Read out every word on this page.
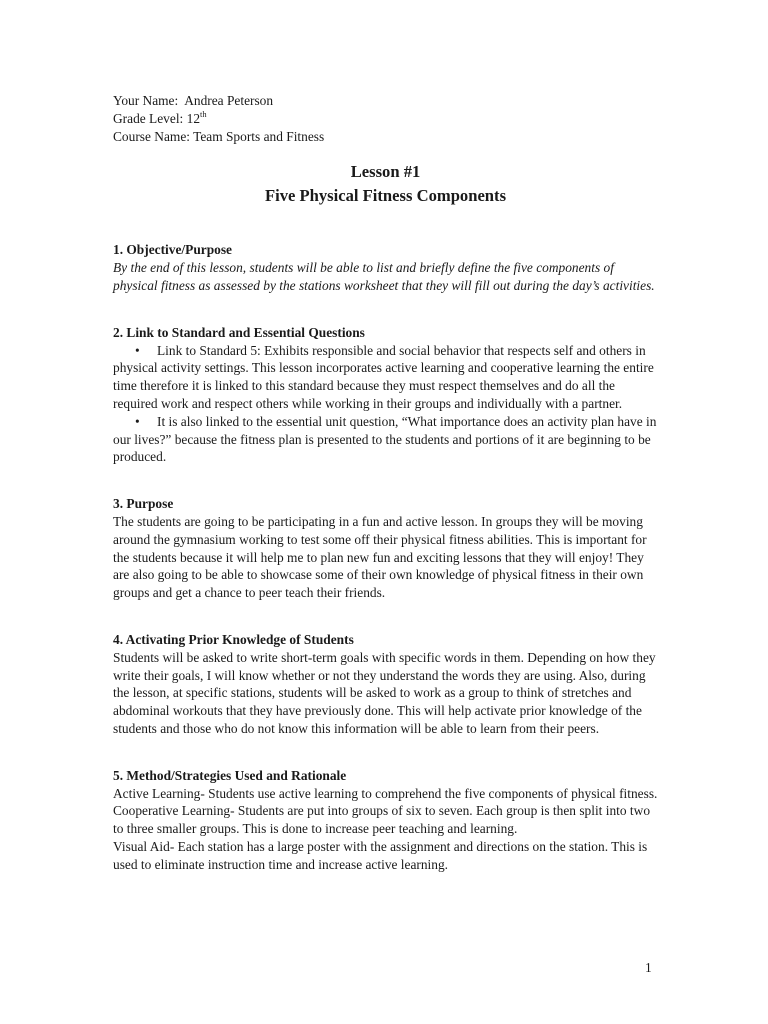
Your Name: Andrea Peterson

Grade Level: 12th

Course Name: Team Sports and Fitness

Lesson #1

Five Physical Fitness Components

1. Objective/Purpose

By the end of this lesson, students will be able to list and briefly define the five components of physical fitness as assessed by the stations worksheet that they will fill out during the day’s activities.

2. Link to Standard and Essential Questions

• Link to Standard 5: Exhibits responsible and social behavior that respects self and others in physical activity settings. This lesson incorporates active learning and cooperative learning the entire time therefore it is linked to this standard because they must respect themselves and do all the required work and respect others while working in their groups and individually with a partner.

• It is also linked to the essential unit question, “What importance does an activity plan have in our lives?” because the fitness plan is presented to the students and portions of it are beginning to be produced.

3. Purpose

The students are going to be participating in a fun and active lesson. In groups they will be moving around the gymnasium working to test some off their physical fitness abilities. This is important for the students because it will help me to plan new fun and exciting lessons that they will enjoy! They are also going to be able to showcase some of their own knowledge of physical fitness in their own groups and get a chance to peer teach their friends.

4. Activating Prior Knowledge of Students

Students will be asked to write short-term goals with specific words in them. Depending on how they write their goals, I will know whether or not they understand the words they are using. Also, during the lesson, at specific stations, students will be asked to work as a group to think of stretches and abdominal workouts that they have previously done. This will help activate prior knowledge of the students and those who do not know this information will be able to learn from their peers.

5. Method/Strategies Used and Rationale

Active Learning- Students use active learning to comprehend the five components of physical fitness.

Cooperative Learning- Students are put into groups of six to seven. Each group is then split into two to three smaller groups. This is done to increase peer teaching and learning.

Visual Aid- Each station has a large poster with the assignment and directions on the station. This is used to eliminate instruction time and increase active learning.

1
